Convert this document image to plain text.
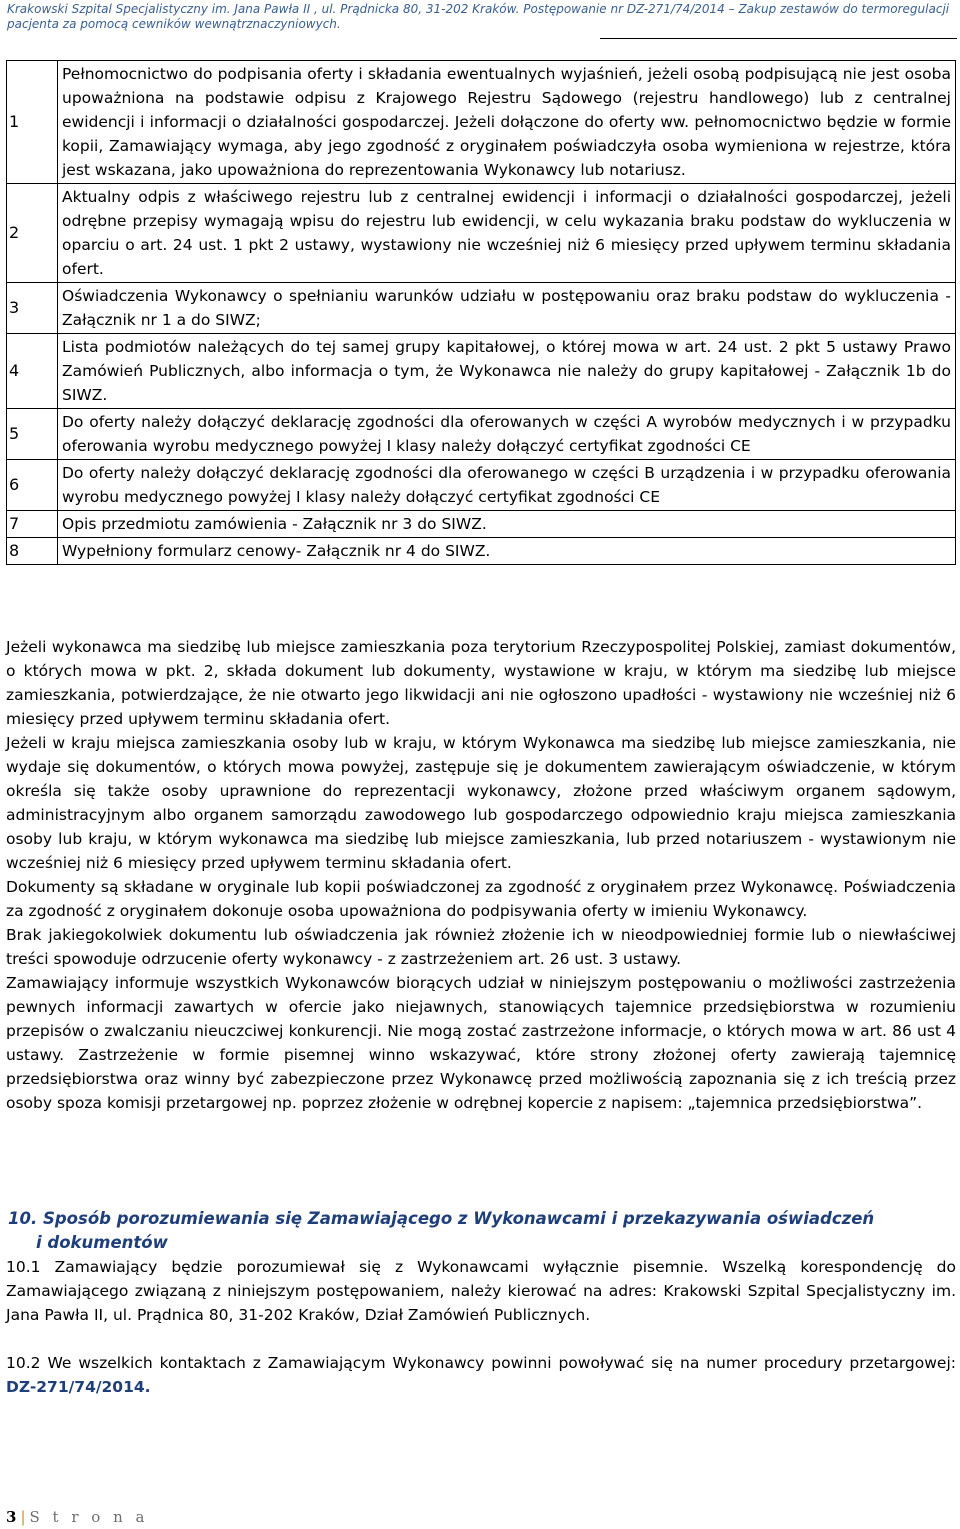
Krakowski Szpital Specjalistyczny im. Jana Pawła II , ul. Prądnicka 80, 31-202 Kraków. Postępowanie nr DZ-271/74/2014 – Zakup zestawów do termoregulacji pacjenta za pomocą cewników wewnątrznaczyniowych.
1	Pełnomocnictwo do podpisania oferty i składania ewentualnych wyjaśnień, jeżeli osobą podpisującą nie jest osoba upoważniona na podstawie odpisu z Krajowego Rejestru Sądowego (rejestru handlowego) lub z centralnej ewidencji i informacji o działalności gospodarczej. Jeżeli dołączone do oferty ww. pełnomocnictwo będzie w formie kopii, Zamawiający wymaga, aby jego zgodność z oryginałem poświadczyła osoba wymieniona w rejestrze, która jest wskazana, jako upoważniona do reprezentowania Wykonawcy lub notariusz.
2	Aktualny odpis z właściwego rejestru lub z centralnej ewidencji i informacji o działalności gospodarczej, jeżeli odrębne przepisy wymagają wpisu do rejestru lub ewidencji, w celu wykazania braku podstaw do wykluczenia w oparciu o art. 24 ust. 1 pkt 2 ustawy, wystawiony nie wcześniej niż 6 miesięcy przed upływem terminu składania ofert.
3	Oświadczenia Wykonawcy o spełnianiu warunków udziału w postępowaniu oraz braku podstaw do wykluczenia - Załącznik nr 1 a do SIWZ;
4	Lista podmiotów należących do tej samej grupy kapitałowej, o której mowa w art. 24 ust. 2 pkt 5 ustawy Prawo Zamówień Publicznych, albo informacja o tym, że Wykonawca nie należy do grupy kapitałowej - Załącznik 1b do SIWZ.
5	Do oferty należy dołączyć deklarację zgodności dla oferowanych w części A wyrobów medycznych i w przypadku oferowania wyrobu medycznego powyżej I klasy należy dołączyć certyfikat zgodności CE
6	Do oferty należy dołączyć deklarację zgodności dla oferowanego w części B urządzenia i w przypadku oferowania wyrobu medycznego powyżej I klasy należy dołączyć certyfikat zgodności CE
7	Opis przedmiotu zamówienia - Załącznik nr 3 do SIWZ.
8	Wypełniony formularz cenowy- Załącznik nr 4 do SIWZ.

Jeżeli wykonawca ma siedzibę lub miejsce zamieszkania poza terytorium Rzeczypospolitej Polskiej, zamiast dokumentów, o których mowa w pkt. 2, składa dokument lub dokumenty, wystawione w kraju, w którym ma siedzibę lub miejsce zamieszkania, potwierdzające, że nie otwarto jego likwidacji ani nie ogłoszono upadłości - wystawiony nie wcześniej niż 6 miesięcy przed upływem terminu składania ofert.

Jeżeli w kraju miejsca zamieszkania osoby lub w kraju, w którym Wykonawca ma siedzibę lub miejsce zamieszkania, nie wydaje się dokumentów, o których mowa powyżej, zastępuje się je dokumentem zawierającym oświadczenie, w którym określa się także osoby uprawnione do reprezentacji wykonawcy, złożone przed właściwym organem sądowym, administracyjnym albo organem samorządu zawodowego lub gospodarczego odpowiednio kraju miejsca zamieszkania osoby lub kraju, w którym wykonawca ma siedzibę lub miejsce zamieszkania, lub przed notariuszem - wystawionym nie wcześniej niż 6 miesięcy przed upływem terminu składania ofert.

Dokumenty są składane w oryginale lub kopii poświadczonej za zgodność z oryginałem przez Wykonawcę. Poświadczenia za zgodność z oryginałem dokonuje osoba upoważniona do podpisywania oferty w imieniu Wykonawcy.

Brak jakiegokolwiek dokumentu lub oświadczenia jak również złożenie ich w nieodpowiedniej formie lub o niewłaściwej treści spowoduje odrzucenie oferty wykonawcy - z zastrzeżeniem art. 26 ust. 3 ustawy.

Zamawiający informuje wszystkich Wykonawców biorących udział w niniejszym postępowaniu o możliwości zastrzeżenia pewnych informacji zawartych w ofercie jako niejawnych, stanowiących tajemnice przedsiębiorstwa w rozumieniu przepisów o zwalczaniu nieuczciwej konkurencji. Nie mogą zostać zastrzeżone informacje, o których mowa w art. 86 ust 4 ustawy. Zastrzeżenie w formie pisemnej winno wskazywać, które strony złożonej oferty zawierają tajemnicę przedsiębiorstwa oraz winny być zabezpieczone przez Wykonawcę przed możliwością zapoznania się z ich treścią przez osoby spoza komisji przetargowej np. poprzez złożenie w odrębnej kopercie z napisem: „tajemnica przedsiębiorstwa”.

10. Sposób porozumiewania się Zamawiającego z Wykonawcami i przekazywania oświadczeń
i dokumentów

10.1 Zamawiający będzie porozumiewał się z Wykonawcami wyłącznie pisemnie. Wszelką korespondencję do Zamawiającego związaną z niniejszym postępowaniem, należy kierować na adres: Krakowski Szpital Specjalistyczny im. Jana Pawła II, ul. Prądnica 80, 31-202 Kraków, Dział Zamówień Publicznych.

10.2 We wszelkich kontaktach z Zamawiającym Wykonawcy powinni powoływać się na numer procedury przetargowej: DZ-271/74/2014.

3 | S t r o n a
